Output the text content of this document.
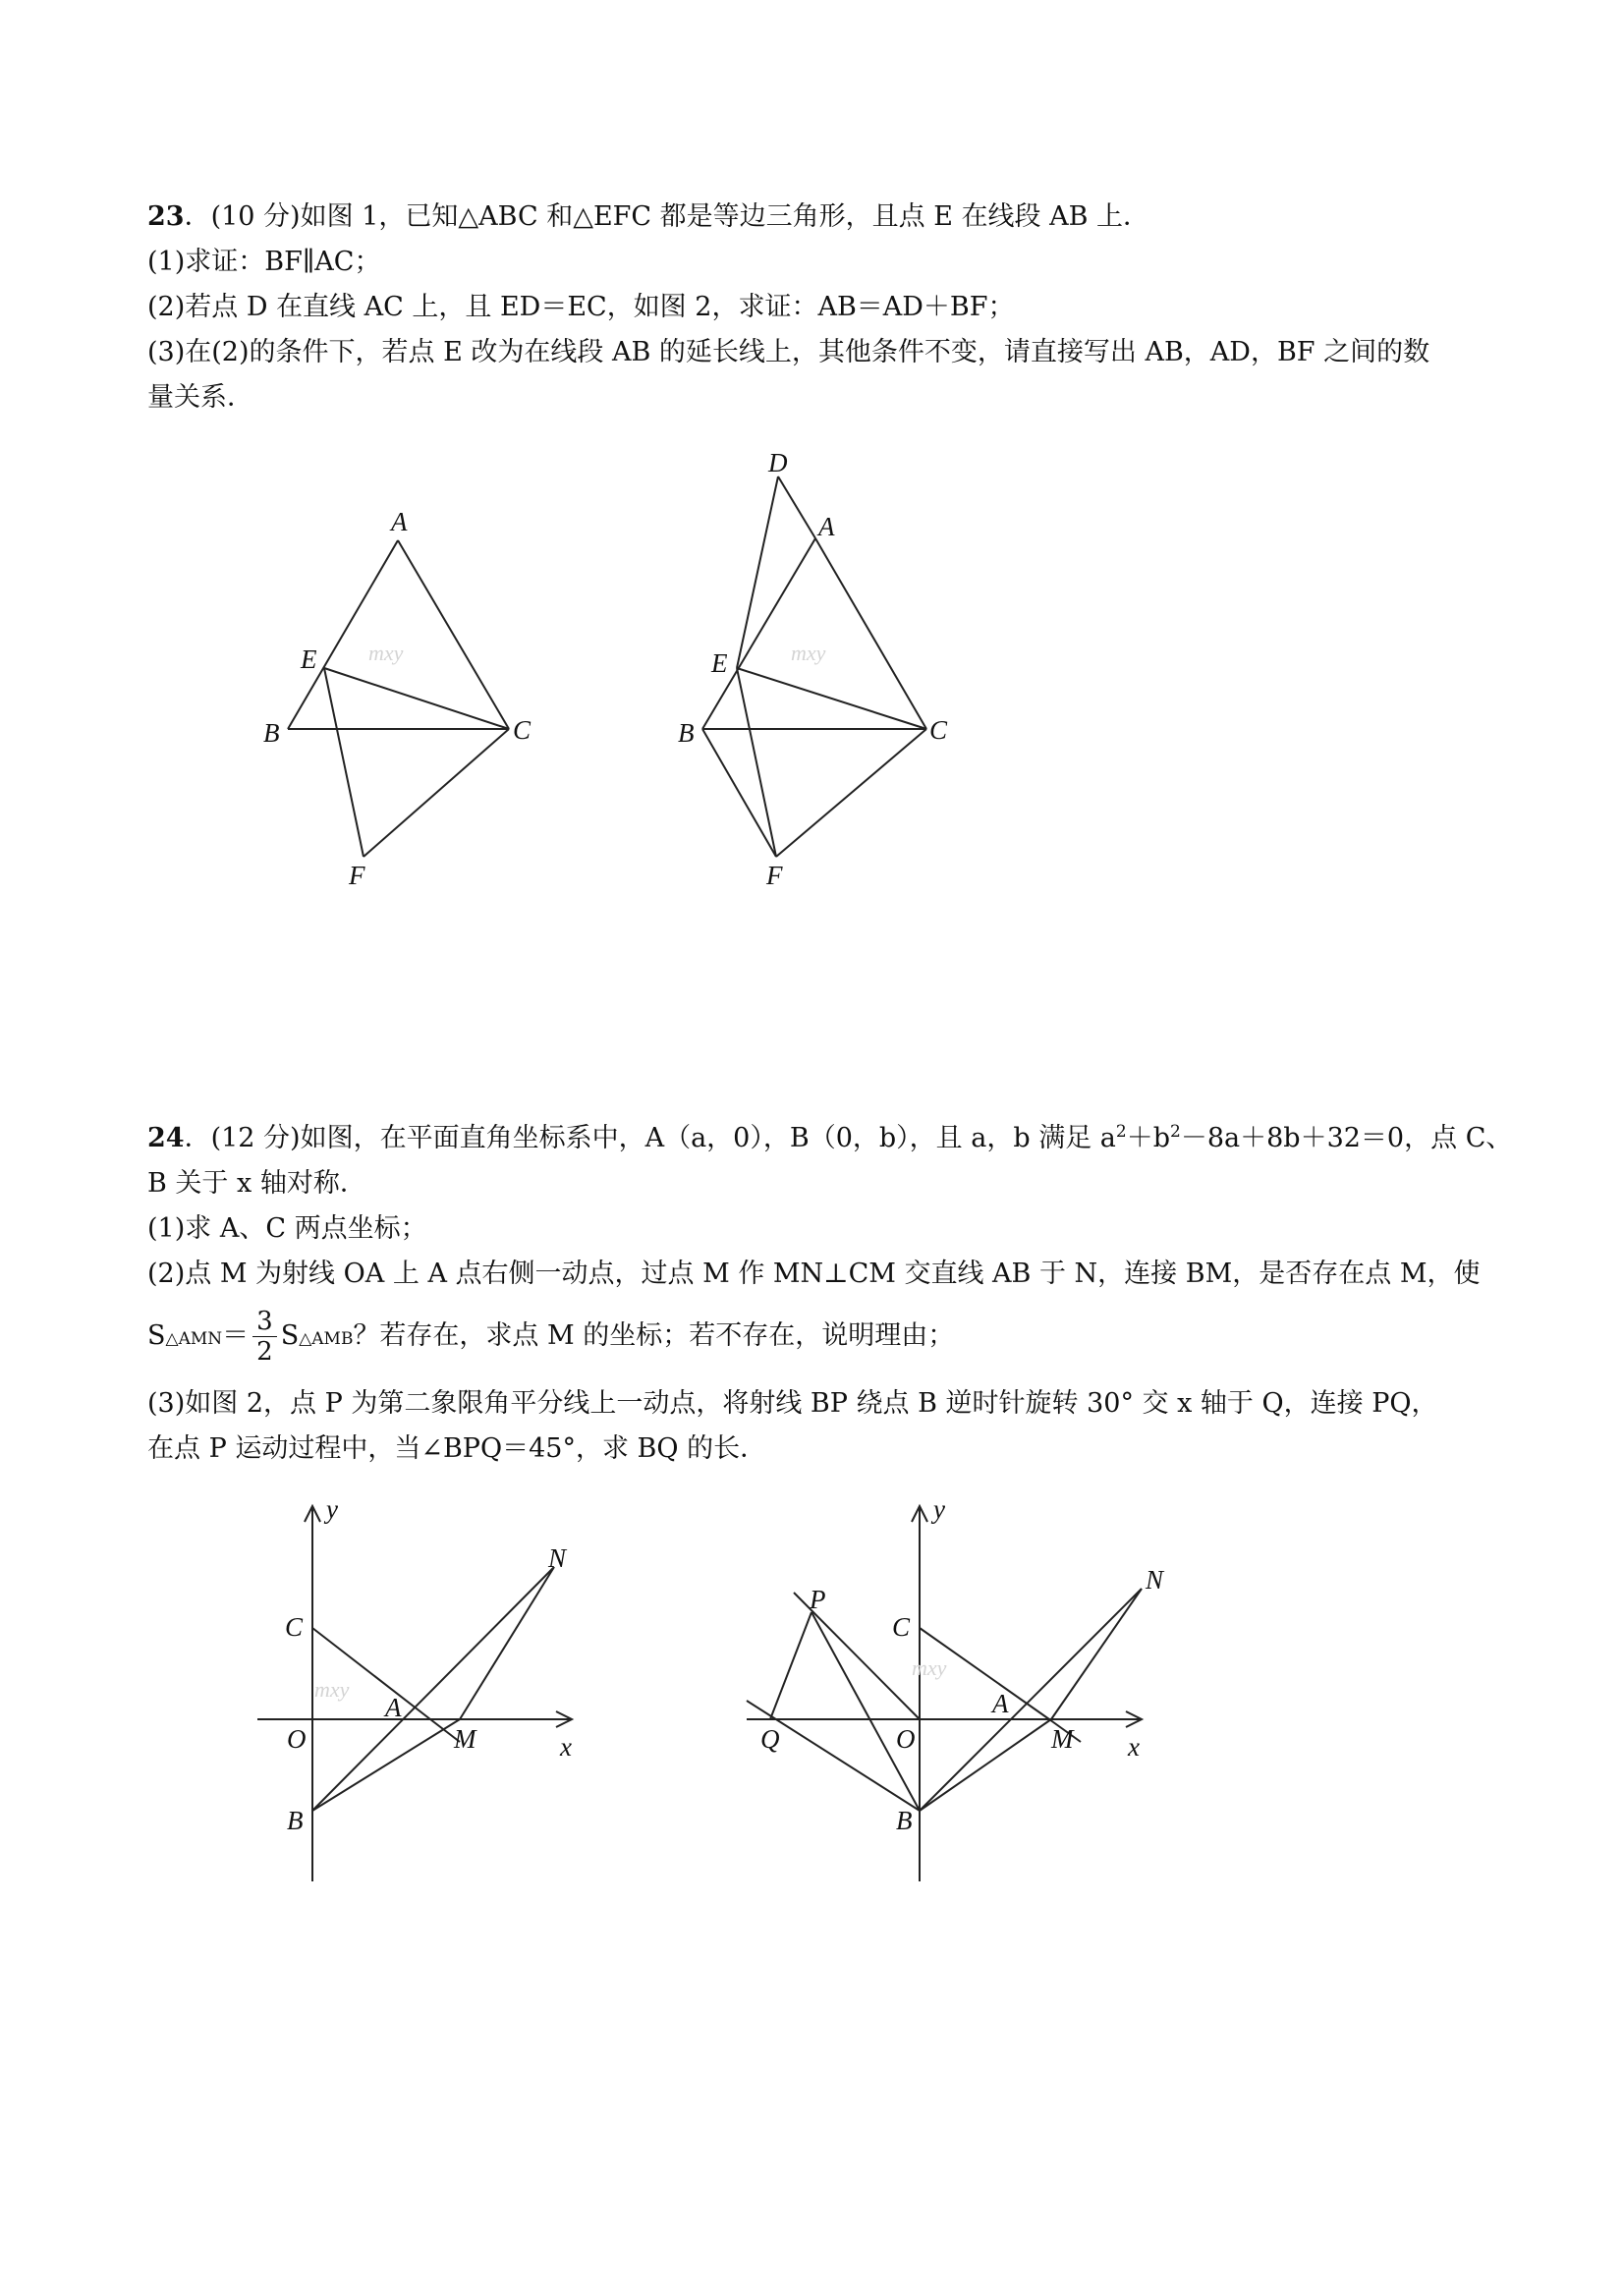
23．(10 分)如图 1，已知△ABC 和△EFC 都是等边三角形，且点 E 在线段 AB 上．
(1)求证：BF∥AC；
(2)若点 D 在直线 AC 上，且 ED＝EC，如图 2，求证：AB＝AD＋BF；
(3)在(2)的条件下，若点 E 改为在线段 AB 的延长线上，其他条件不变，请直接写出 AB，AD，BF 之间的数
量关系．
A
B	C
E
F
mxy
D
A
E
B	C
F
mxy
24．(12 分)如图，在平面直角坐标系中，A（a，0），B（0，b），且 a，b 满足 $a^2+b^2-8a+8b+32=0$，点 C、
B 关于 x 轴对称．
(1)求 A、C 两点坐标；
(2)点 M 为射线 OA 上 A 点右侧一动点，过点 M 作 MN⊥CM 交直线 AB 于 N，连接 BM，是否存在点 M，使
S△AMN＝ $\frac{3}{2}$ S△AMB？若存在，求点 M 的坐标；若不存在，说明理由；
(3)如图 2，点 P 为第二象限角平分线上一动点，将射线 BP 绕点 B 逆时针旋转 30° 交 x 轴于 Q，连接 PQ，
在点 P 运动过程中，当∠BPQ＝45°，求 BQ 的长．
y
x
C
O
A
M
B
N
mxy
y
x
P
C
Q	O
A
M
B
N
mxy
